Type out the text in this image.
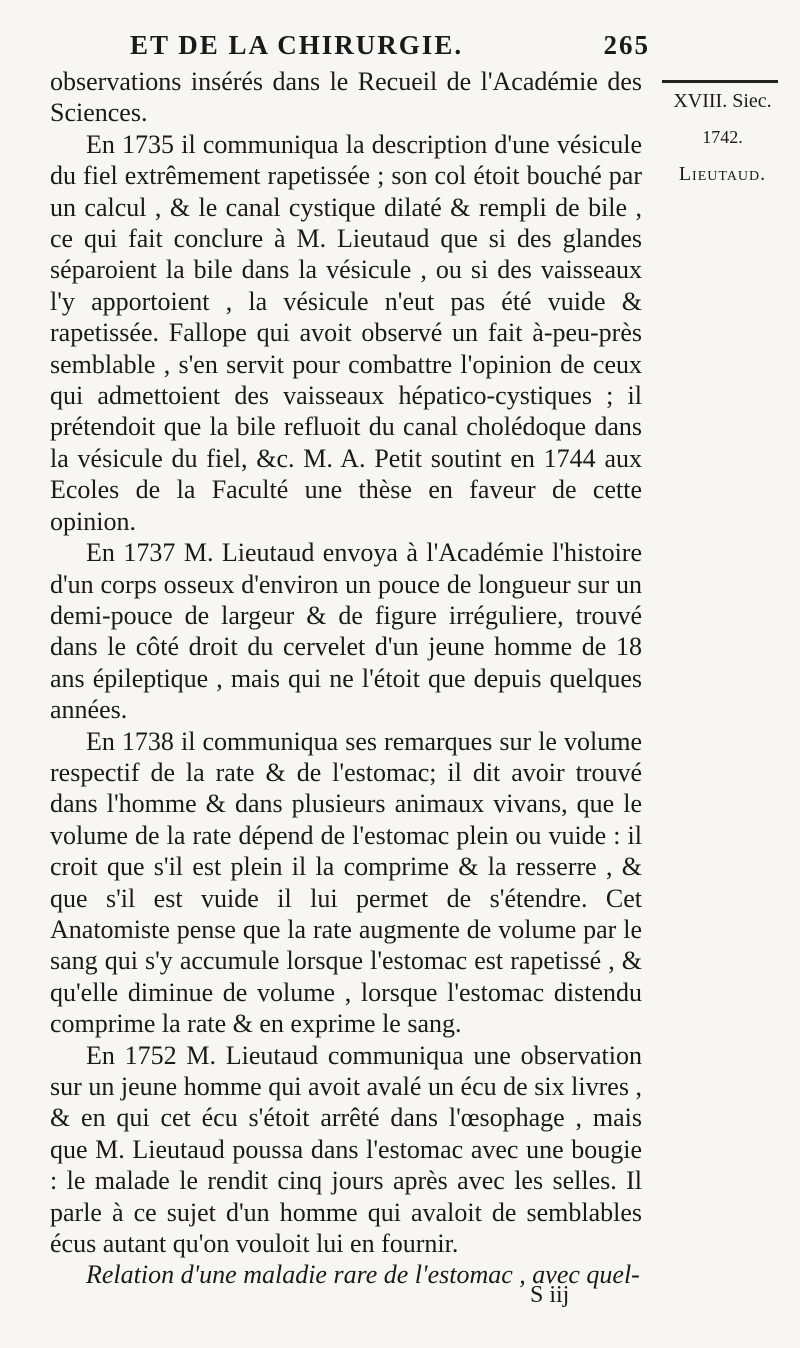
ET DE LA CHIRURGIE.	265
XVIII. Siec.
1742.
Lieutaud.

observations insérés dans le Recueil de l'Académie des Sciences.

En 1735 il communiqua la description d'une vésicule du fiel extrêmement rapetissée ; son col étoit bouché par un calcul , & le canal cystique dilaté & rempli de bile , ce qui fait conclure à M. Lieutaud que si des glandes séparoient la bile dans la vésicule , ou si des vaisseaux l'y apportoient , la vésicule n'eut pas été vuide & rapetissée. Fallope qui avoit observé un fait à-peu-près semblable , s'en servit pour combattre l'opinion de ceux qui admettoient des vaisseaux hépatico-cystiques ; il prétendoit que la bile refluoit du canal cholédoque dans la vésicule du fiel, &c. M. A. Petit soutint en 1744 aux Ecoles de la Faculté une thèse en faveur de cette opinion.

En 1737 M. Lieutaud envoya à l'Académie l'histoire d'un corps osseux d'environ un pouce de longueur sur un demi-pouce de largeur & de figure irréguliere, trouvé dans le côté droit du cervelet d'un jeune homme de 18 ans épileptique , mais qui ne l'étoit que depuis quelques années.

En 1738 il communiqua ses remarques sur le volume respectif de la rate & de l'estomac; il dit avoir trouvé dans l'homme & dans plusieurs animaux vivans, que le volume de la rate dépend de l'estomac plein ou vuide : il croit que s'il est plein il la comprime & la resserre , & que s'il est vuide il lui permet de s'étendre. Cet Anatomiste pense que la rate augmente de volume par le sang qui s'y accumule lorsque l'estomac est rapetissé , & qu'elle diminue de volume , lorsque l'estomac distendu comprime la rate & en exprime le sang.

En 1752 M. Lieutaud communiqua une observation sur un jeune homme qui avoit avalé un écu de six livres , & en qui cet écu s'étoit arrêté dans l'œsophage , mais que M. Lieutaud poussa dans l'estomac avec une bougie : le malade le rendit cinq jours après avec les selles. Il parle à ce sujet d'un homme qui avaloit de semblables écus autant qu'on vouloit lui en fournir.

Relation d'une maladie rare de l'estomac , avec quel-

S iij
